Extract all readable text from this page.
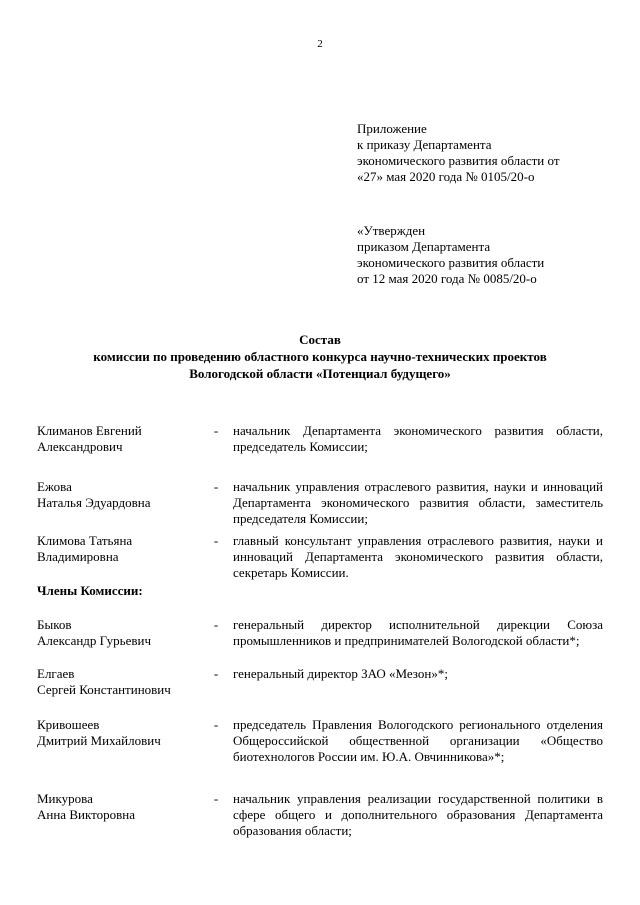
2
Приложение
к приказу Департамента
экономического развития области от
«27» мая 2020 года № 0105/20-о
«Утвержден
приказом Департамента
экономического развития области
от 12 мая 2020 года № 0085/20-о
Состав
комиссии по проведению областного конкурса научно-технических проектов
Вологодской области «Потенциал будущего»
Климанов Евгений
Александрович
- начальник Департамента экономического развития области, председатель Комиссии;
Ежова
Наталья Эдуардовна
- начальник управления отраслевого развития, науки и инноваций Департамента экономического развития области, заместитель председателя Комиссии;
Климова Татьяна
Владимировна
- главный консультант управления отраслевого развития, науки и инноваций Департамента экономического развития области, секретарь Комиссии.
Члены Комиссии:
Быков
Александр Гурьевич
- генеральный директор исполнительной дирекции Союза промышленников и предпринимателей Вологодской области*;
Елгаев
Сергей Константинович
- генеральный директор ЗАО «Мезон»*;
Кривошеев
Дмитрий Михайлович
- председатель Правления Вологодского регионального отделения Общероссийской общественной организации «Общество биотехнологов России им. Ю.А. Овчинникова»*;
Микурова
Анна Викторовна
- начальник управления реализации государственной политики в сфере общего и дополнительного образования Департамента образования области;
